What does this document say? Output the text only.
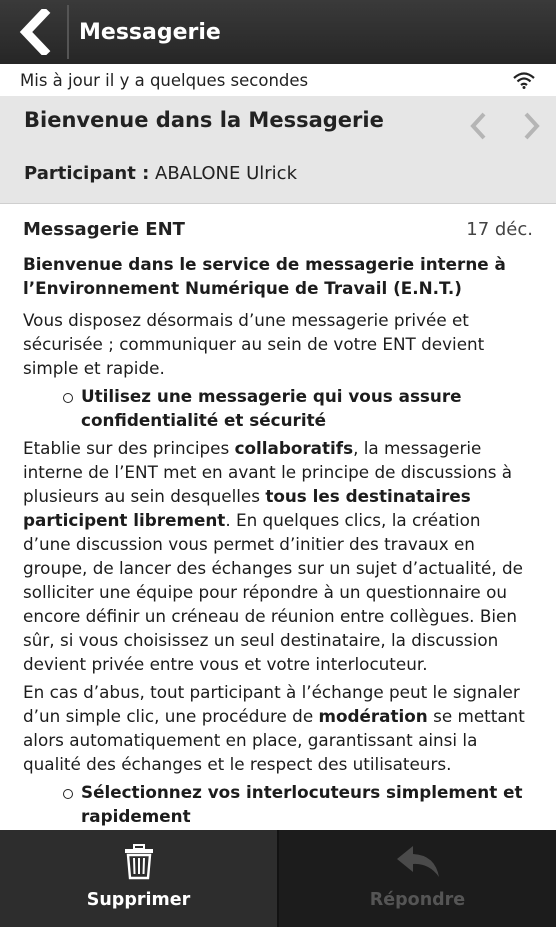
Messagerie
Mis à jour il y a quelques secondes
Bienvenue dans la Messagerie
Participant : ABALONE Ulrick
Messagerie ENT	17 déc.

Bienvenue dans le service de messagerie interne à l’Environnement Numérique de Travail (E.N.T.)

Vous disposez désormais d’une messagerie privée et sécurisée ; communiquer au sein de votre ENT devient simple et rapide.

Utilisez une messagerie qui vous assure confidentialité et sécurité

Etablie sur des principes collaboratifs, la messagerie interne de l’ENT met en avant le principe de discussions à plusieurs au sein desquelles tous les destinataires participent librement. En quelques clics, la création d’une discussion vous permet d’initier des travaux en groupe, de lancer des échanges sur un sujet d’actualité, de solliciter une équipe pour répondre à un questionnaire ou encore définir un créneau de réunion entre collègues. Bien sûr, si vous choisissez un seul destinataire, la discussion devient privée entre vous et votre interlocuteur.

En cas d’abus, tout participant à l’échange peut le signaler d’un simple clic, une procédure de modération se mettant alors automatiquement en place, garantissant ainsi la qualité des échanges et le respect des utilisateurs.

Sélectionnez vos interlocuteurs simplement et rapidement
Supprimer	Répondre
